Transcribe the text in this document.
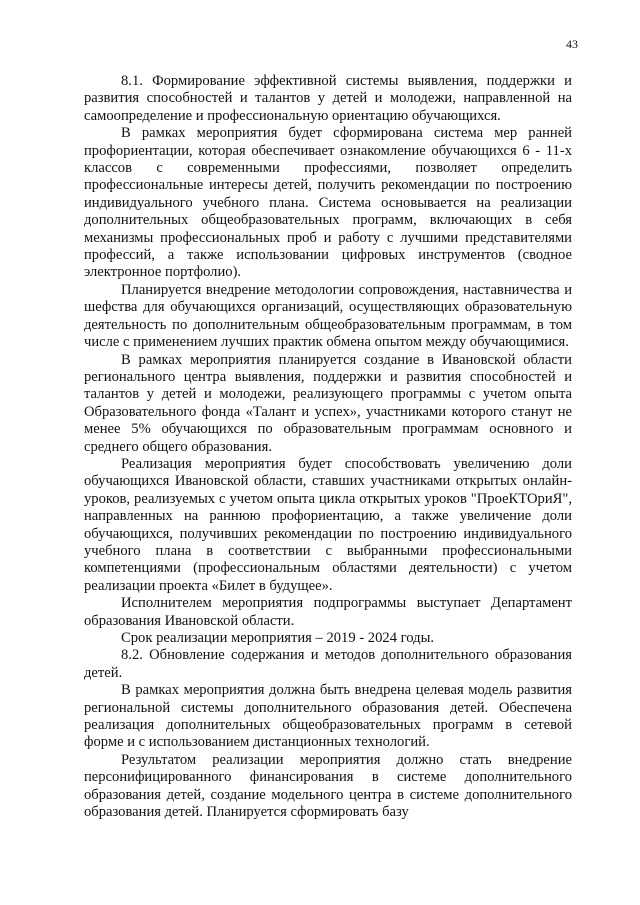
43

8.1. Формирование эффективной системы выявления, поддержки и развития способностей и талантов у детей и молодежи, направленной на самоопределение и профессиональную ориентацию обучающихся.

В рамках мероприятия будет сформирована система мер ранней профориентации, которая обеспечивает ознакомление обучающихся 6 - 11-х классов с современными профессиями, позволяет определить профессиональные интересы детей, получить рекомендации по построению индивидуального учебного плана. Система основывается на реализации дополнительных общеобразовательных программ, включающих в себя механизмы профессиональных проб и работу с лучшими представителями профессий, а также использовании цифровых инструментов (сводное электронное портфолио).

Планируется внедрение методологии сопровождения, наставничества и шефства для обучающихся организаций, осуществляющих образовательную деятельность по дополнительным общеобразовательным программам, в том числе с применением лучших практик обмена опытом между обучающимися.

В рамках мероприятия планируется создание в Ивановской области регионального центра выявления, поддержки и развития способностей и талантов у детей и молодежи, реализующего программы с учетом опыта Образовательного фонда «Талант и успех», участниками которого станут не менее 5% обучающихся по образовательным программам основного и среднего общего образования.

Реализация мероприятия будет способствовать увеличению доли обучающихся Ивановской области, ставших участниками открытых онлайн-уроков, реализуемых с учетом опыта цикла открытых уроков "ПроеКТОриЯ", направленных на раннюю профориентацию, а также увеличение доли обучающихся, получивших рекомендации по построению индивидуального учебного плана в соответствии с выбранными профессиональными компетенциями (профессиональным областями деятельности) с учетом реализации проекта «Билет в будущее».

Исполнителем мероприятия подпрограммы выступает Департамент образования Ивановской области.

Срок реализации мероприятия – 2019 - 2024 годы.

8.2. Обновление содержания и методов дополнительного образования детей.

В рамках мероприятия должна быть внедрена целевая модель развития региональной системы дополнительного образования детей. Обеспечена реализация дополнительных общеобразовательных программ в сетевой форме и с использованием дистанционных технологий.

Результатом реализации мероприятия должно стать внедрение персонифицированного финансирования в системе дополнительного образования детей, создание модельного центра в системе дополнительного образования детей. Планируется сформировать базу
